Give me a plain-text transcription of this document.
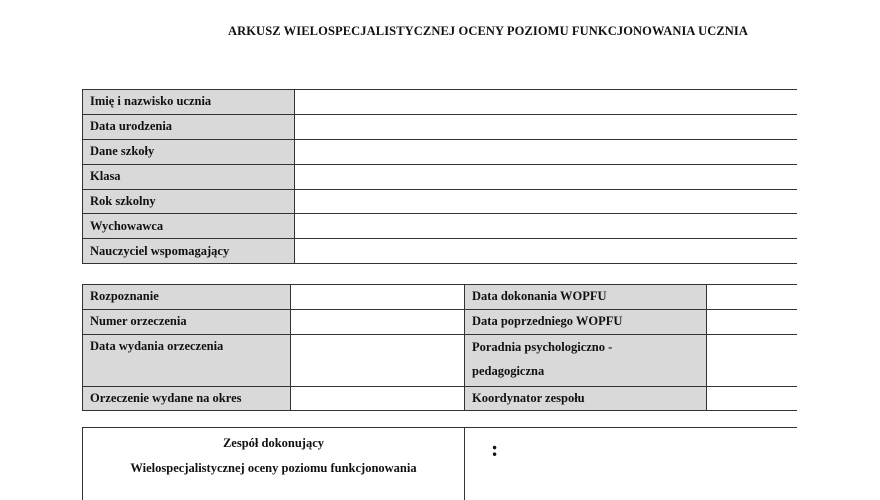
ARKUSZ WIELOSPECJALISTYCZNEJ OCENY POZIOMU FUNKCJONOWANIA UCZNIA
Imię i nazwisko ucznia	
Data urodzenia	
Dane szkoły	
Klasa	
Rok szkolny	
Wychowawca	
Nauczyciel wspomagający	
Rozpoznanie		Data dokonania WOPFU	
Numer orzeczenia		Data poprzedniego WOPFU	
Data wydania orzeczenia		Poradnia psychologiczno -
pedagogiczna	

Orzeczenie wydane na okres		Koordynator zespołu	
Zespół dokonujący
Wielospecjalistycznej oceny poziomu funkcjonowania
	:
